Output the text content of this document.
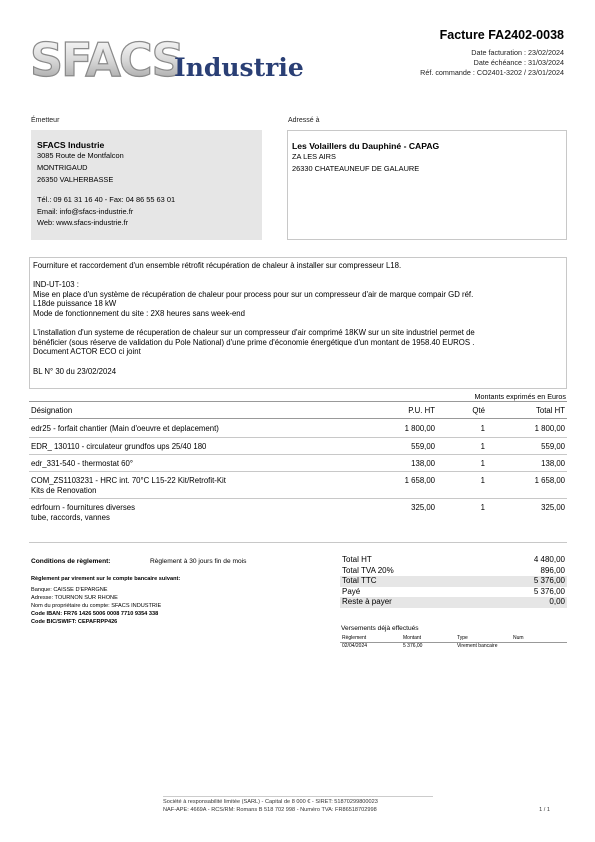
SFACS
Industrie
Facture FA2402-0038
Date facturation : 23/02/2024
Date échéance : 31/03/2024
Réf. commande : CO2401-3202 / 23/01/2024
Émetteur
SFACS Industrie
3085 Route de Montfalcon
MONTRIGAUD
26350 VALHERBASSE
Tél.: 09 61 31 16 40 - Fax: 04 86 55 63 01
Email: info@sfacs-industrie.fr
Web: www.sfacs-industrie.fr
Adressé à
Les Volaillers du Dauphiné - CAPAG
ZA LES AIRS
26330 CHATEAUNEUF DE GALAURE
Fourniture et raccordement d'un ensemble rétrofit récupération de chaleur à installer sur compresseur L18.
IND-UT-103 :
Mise en place d'un système de récupération de chaleur pour process pour sur un compresseur d'air de marque compair GD réf.
L18de puissance 18 kW
Mode de fonctionnement du site : 2X8 heures sans week-end
L'installation d'un systeme de récuperation de chaleur sur un compresseur d'air comprimé 18KW sur un site industriel permet de
bénéficier (sous réserve de validation du Pole National) d'une prime d'économie énergétique d'un montant de 1958.40 EUROS .
Document ACTOR ECO ci joint
BL N° 30 du 23/02/2024
Montants exprimés en Euros
Désignation	P.U. HT	Qté	Total HT
edr25 - forfait chantier (Main d'oeuvre et deplacement)	1 800,00	1	1 800,00
EDR_ 130110 - circulateur grundfos ups 25/40 180	559,00	1	559,00
edr_331-540 - thermostat 60°	138,00	1	138,00
COM_ZS1103231 - HRC int. 70°C L15-22 Kit/Retrofit-Kit
Kits de Renovation
1 658,00	1	1 658,00
edrfourn - fournitures diverses
tube, raccords, vannes
325,00	1	325,00
Conditions de règlement:	Règlement à 30 jours fin de mois
Règlement par virement sur le compte bancaire suivant:
Banque: CAISSE D'EPARGNE
Adresse: TOURNON SUR RHONE
Nom du propriétaire du compte: SFACS INDUSTRIE
Code IBAN: FR76 1426 5006 0008 7710 9354 338
Code BIC/SWIFT: CEPAFRPP426
Total HT	4 480,00
Total TVA 20%	896,00
Total TTC	5 376,00
Payé	5 376,00
Reste à payer	0,00
Versements déjà effectués
Règlement	Montant	Type	Num
02/04/2024	5 376,00	Virement bancaire
Société à responsabilité limitée (SARL) - Capital de 8 000 € - SIRET: 51870299800023
NAF-APE: 4669A - RCS/RM: Romans B 518 702 998 - Numéro TVA: FR86518702998	1 / 1
